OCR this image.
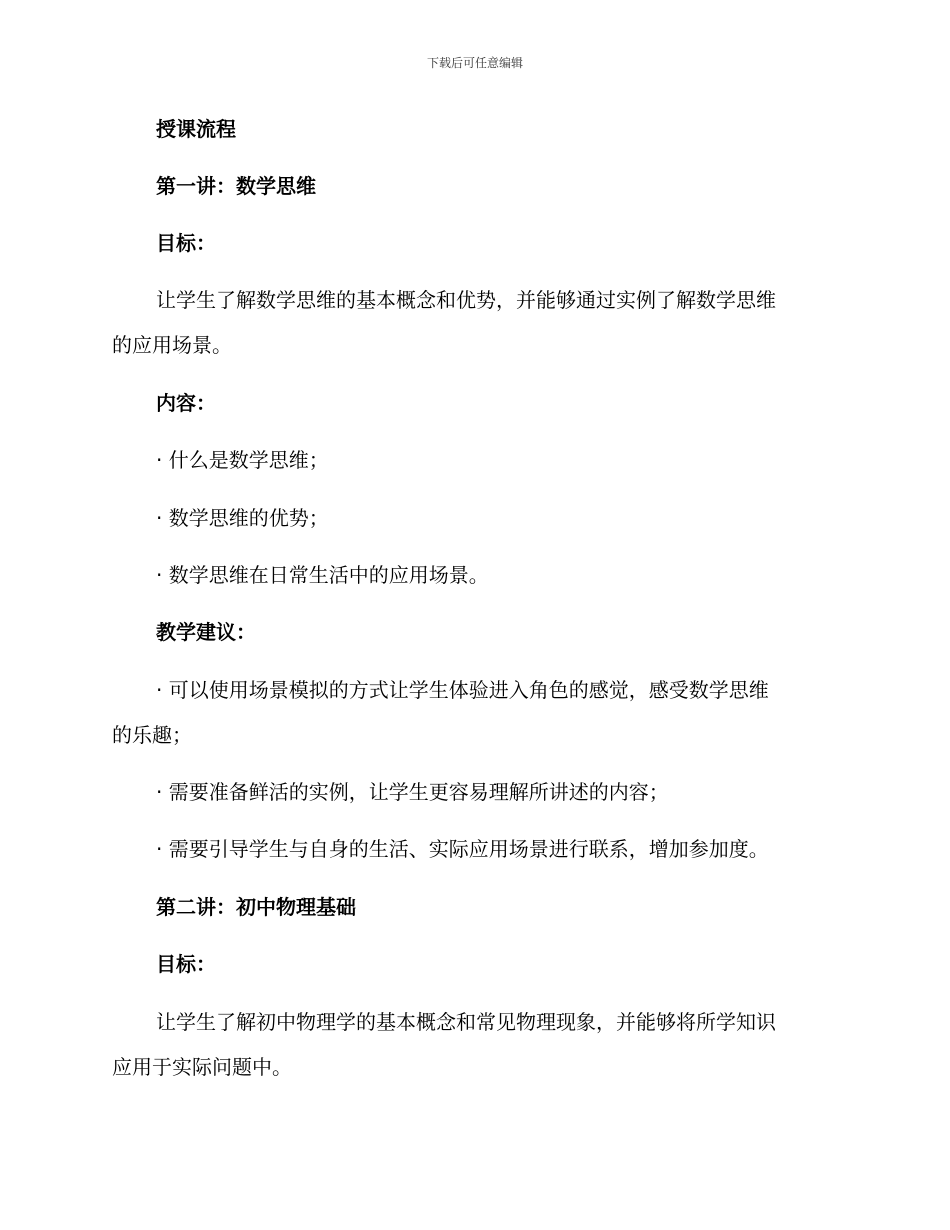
下载后可任意编辑
授课流程
第一讲：数学思维
目标：
让学生了解数学思维的基本概念和优势，并能够通过实例了解数学思维
的应用场景。
内容：
· 什么是数学思维；
· 数学思维的优势；
· 数学思维在日常生活中的应用场景。
教学建议：
· 可以使用场景模拟的方式让学生体验进入角色的感觉，感受数学思维
的乐趣；
· 需要准备鲜活的实例，让学生更容易理解所讲述的内容；
· 需要引导学生与自身的生活、实际应用场景进行联系，增加参加度。
第二讲：初中物理基础
目标：
让学生了解初中物理学的基本概念和常见物理现象，并能够将所学知识
应用于实际问题中。
